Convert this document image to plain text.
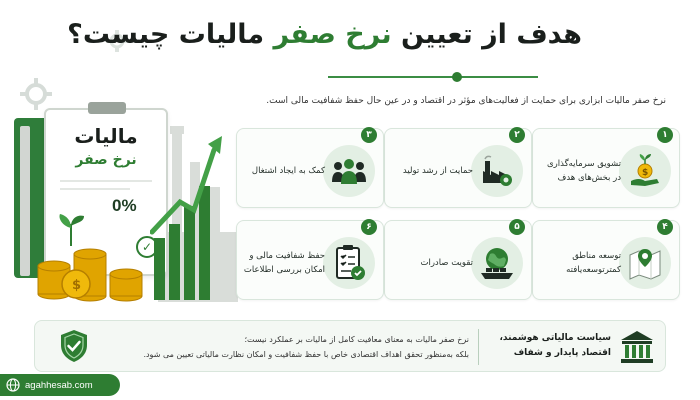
مالیات
نرخ صفر
0%
✓
$
هدف از تعیین نرخ صفر مالیات چیست؟
نرخ صفر مالیات ابزاری برای حمایت از فعالیت‌های مؤثر در اقتصاد و در عین حال حفظ شفافیت مالی است.
۱
$
تشویق سرمایه‌گذاری در بخش‌های هدف
۲
حمایت از رشد تولید
۳
کمک به ایجاد اشتغال
۴
توسعه مناطق کمترتوسعه‌یافته
۵
تقویت صادرات
۶
حفظ شفافیت مالی و امکان بررسی اطلاعات
سیاست مالیاتی هوشمند،
اقتصاد پایدار و شفاف
نرخ صفر مالیات به معنای معافیت کامل از مالیات بر عملکرد نیست؛
بلکه به‌منظور تحقق اهداف اقتصادی خاص با حفظ شفافیت و امکان نظارت مالیاتی تعیین می شود.
agahhesab.com
